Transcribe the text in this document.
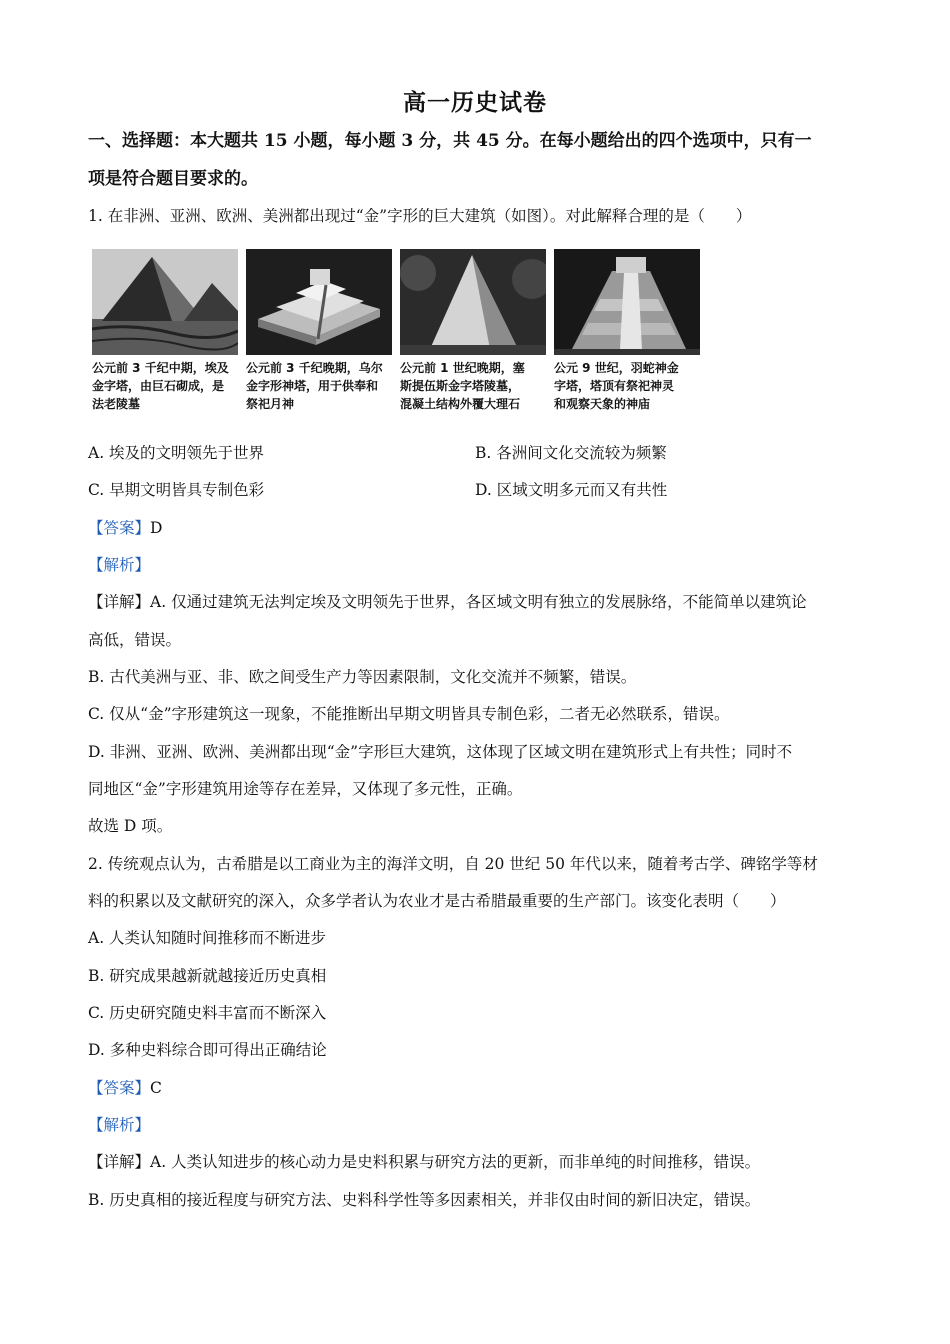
高一历史试卷
一、选择题：本大题共 15 小题，每小题 3 分，共 45 分。在每小题给出的四个选项中，只有一
项是符合题目要求的。
1. 在非洲、亚洲、欧洲、美洲都出现过“金”字形的巨大建筑（如图）。对此解释合理的是（　　）
公元前 3 千纪中期，埃及
金字塔，由巨石砌成，是
法老陵墓
公元前 3 千纪晚期，乌尔
金字形神塔，用于供奉和
祭祀月神
公元前 1 世纪晚期，塞
斯提伍斯金字塔陵墓，
混凝土结构外覆大理石
公元 9 世纪，羽蛇神金
字塔，塔顶有祭祀神灵
和观察天象的神庙
A. 埃及的文明领先于世界	B. 各洲间文化交流较为频繁
C. 早期文明皆具专制色彩	D. 区域文明多元而又有共性
【答案】D
【解析】
【详解】A. 仅通过建筑无法判定埃及文明领先于世界，各区域文明有独立的发展脉络，不能简单以建筑论
高低，错误。
B. 古代美洲与亚、非、欧之间受生产力等因素限制，文化交流并不频繁，错误。
C. 仅从“金”字形建筑这一现象，不能推断出早期文明皆具专制色彩，二者无必然联系，错误。
D. 非洲、亚洲、欧洲、美洲都出现“金”字形巨大建筑，这体现了区域文明在建筑形式上有共性；同时不
同地区“金”字形建筑用途等存在差异，又体现了多元性，正确。
故选 D 项。
2. 传统观点认为，古希腊是以工商业为主的海洋文明，自 20 世纪 50 年代以来，随着考古学、碑铭学等材
料的积累以及文献研究的深入，众多学者认为农业才是古希腊最重要的生产部门。该变化表明（　　）
A. 人类认知随时间推移而不断进步
B. 研究成果越新就越接近历史真相
C. 历史研究随史料丰富而不断深入
D. 多种史料综合即可得出正确结论
【答案】C
【解析】
【详解】A. 人类认知进步的核心动力是史料积累与研究方法的更新，而非单纯的时间推移，错误。
B. 历史真相的接近程度与研究方法、史料科学性等多因素相关，并非仅由时间的新旧决定，错误。
